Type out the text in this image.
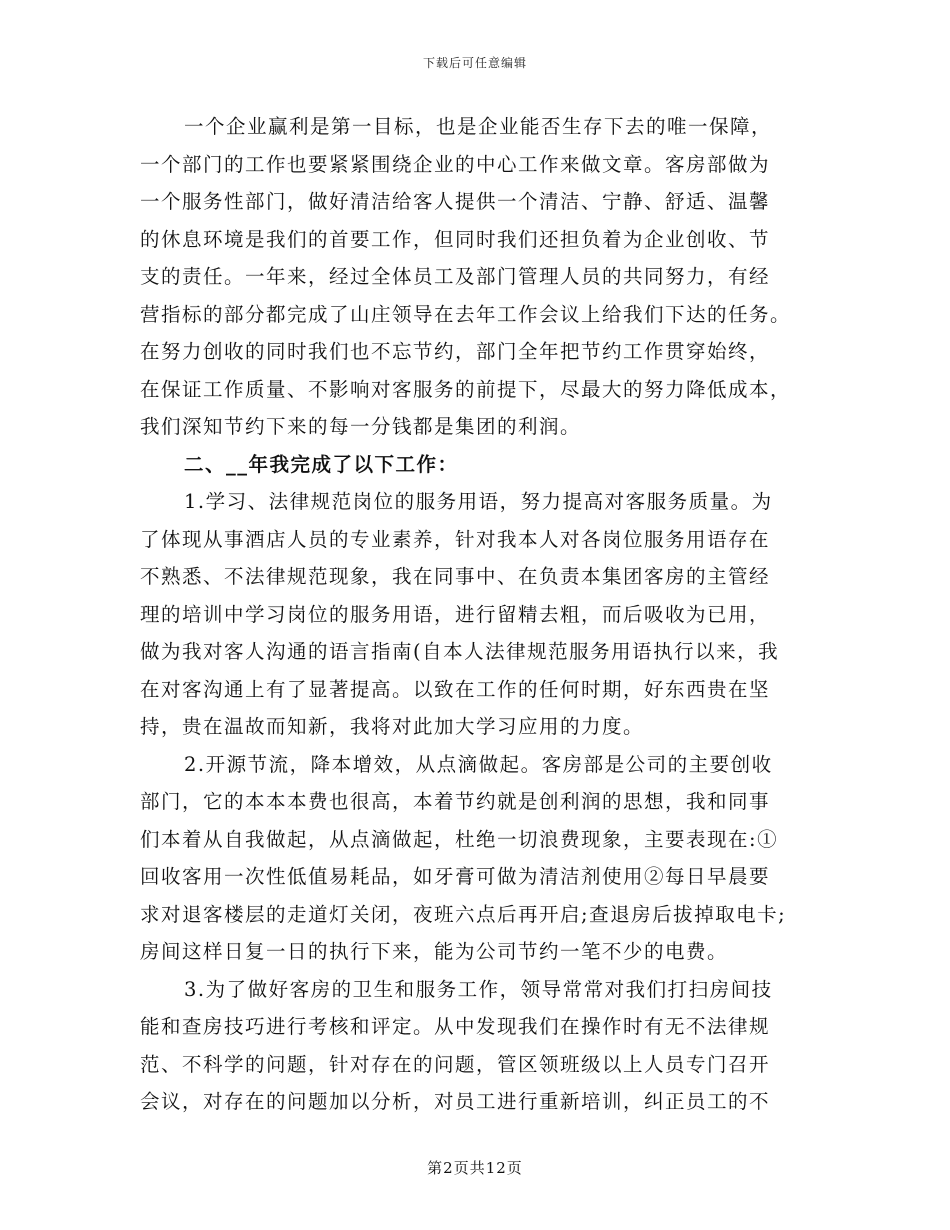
下载后可任意编辑
一个企业赢利是第一目标，也是企业能否生存下去的唯一保障，
一个部门的工作也要紧紧围绕企业的中心工作来做文章。客房部做为
一个服务性部门，做好清洁给客人提供一个清洁、宁静、舒适、温馨
的休息环境是我们的首要工作，但同时我们还担负着为企业创收、节
支的责任。一年来，经过全体员工及部门管理人员的共同努力，有经
营指标的部分都完成了山庄领导在去年工作会议上给我们下达的任务。
在努力创收的同时我们也不忘节约，部门全年把节约工作贯穿始终，
在保证工作质量、不影响对客服务的前提下，尽最大的努力降低成本，
我们深知节约下来的每一分钱都是集团的利润。
二、__年我完成了以下工作：
1.学习、法律规范岗位的服务用语，努力提高对客服务质量。为
了体现从事酒店人员的专业素养，针对我本人对各岗位服务用语存在
不熟悉、不法律规范现象，我在同事中、在负责本集团客房的主管经
理的培训中学习岗位的服务用语，进行留精去粗，而后吸收为已用，
做为我对客人沟通的语言指南(自本人法律规范服务用语执行以来，我
在对客沟通上有了显著提高。以致在工作的任何时期，好东西贵在坚
持，贵在温故而知新，我将对此加大学习应用的力度。
2.开源节流，降本增效，从点滴做起。客房部是公司的主要创收
部门，它的本本本费也很高，本着节约就是创利润的思想，我和同事
们本着从自我做起，从点滴做起，杜绝一切浪费现象，主要表现在:①
回收客用一次性低值易耗品，如牙膏可做为清洁剂使用②每日早晨要
求对退客楼层的走道灯关闭，夜班六点后再开启;查退房后拔掉取电卡;
房间这样日复一日的执行下来，能为公司节约一笔不少的电费。
3.为了做好客房的卫生和服务工作，领导常常对我们打扫房间技
能和查房技巧进行考核和评定。从中发现我们在操作时有无不法律规
范、不科学的问题，针对存在的问题，管区领班级以上人员专门召开
会议，对存在的问题加以分析，对员工进行重新培训，纠正员工的不
第2页共12页
